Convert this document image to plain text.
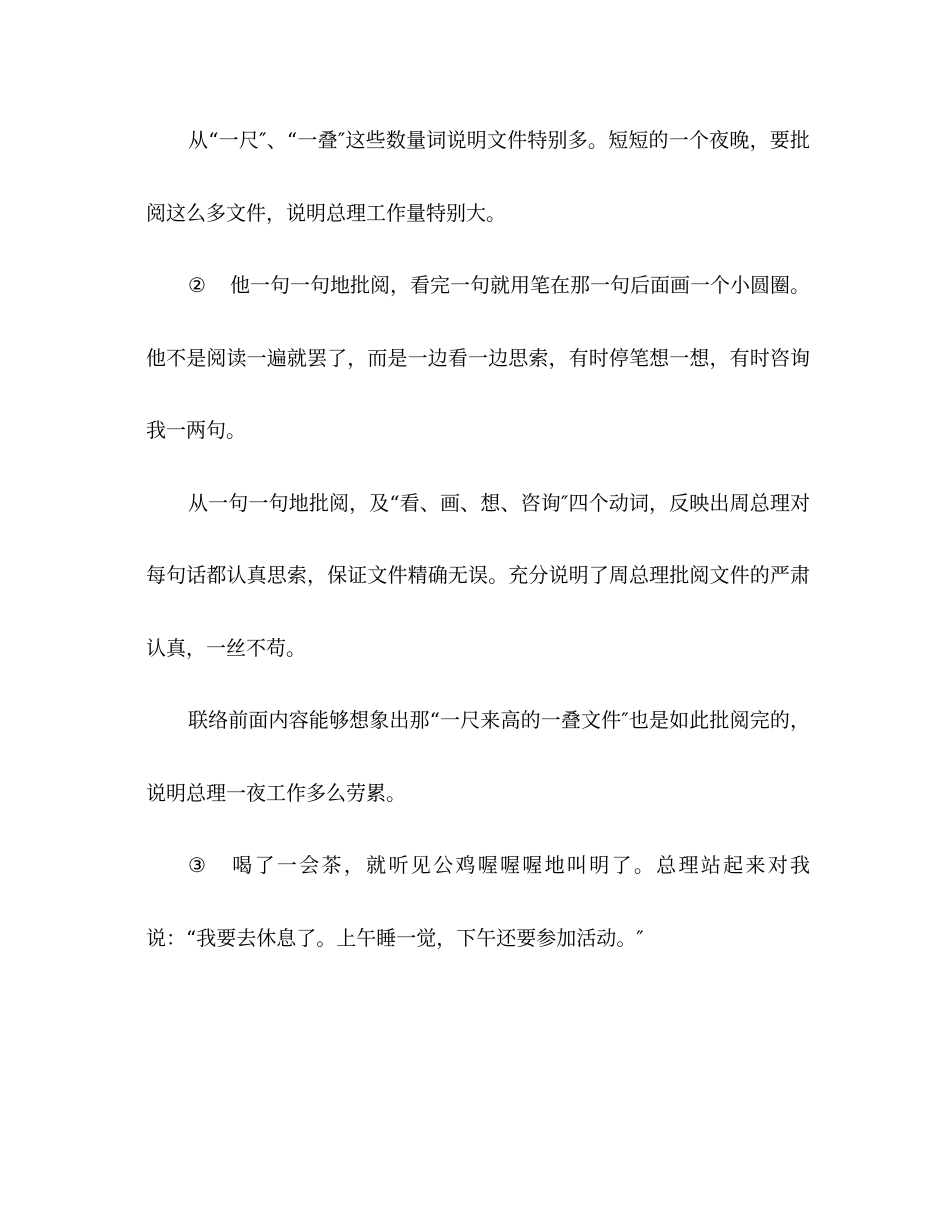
从“一尺″、“一叠″这些数量词说明文件特别多。短短的一个夜晚，要批阅这么多文件，说明总理工作量特别大。

② 他一句一句地批阅，看完一句就用笔在那一句后面画一个小圆圈。他不是阅读一遍就罢了，而是一边看一边思索，有时停笔想一想，有时咨询我一两句。

从一句一句地批阅，及“看、画、想、咨询″四个动词，反映出周总理对每句话都认真思索，保证文件精确无误。充分说明了周总理批阅文件的严肃认真，一丝不苟。

联络前面内容能够想象出那“一尺来高的一叠文件″也是如此批阅完的，说明总理一夜工作多么劳累。

③ 喝了一会茶，就听见公鸡喔喔喔地叫明了。总理站起来对我说：“我要去休息了。上午睡一觉，下午还要参加活动。″
